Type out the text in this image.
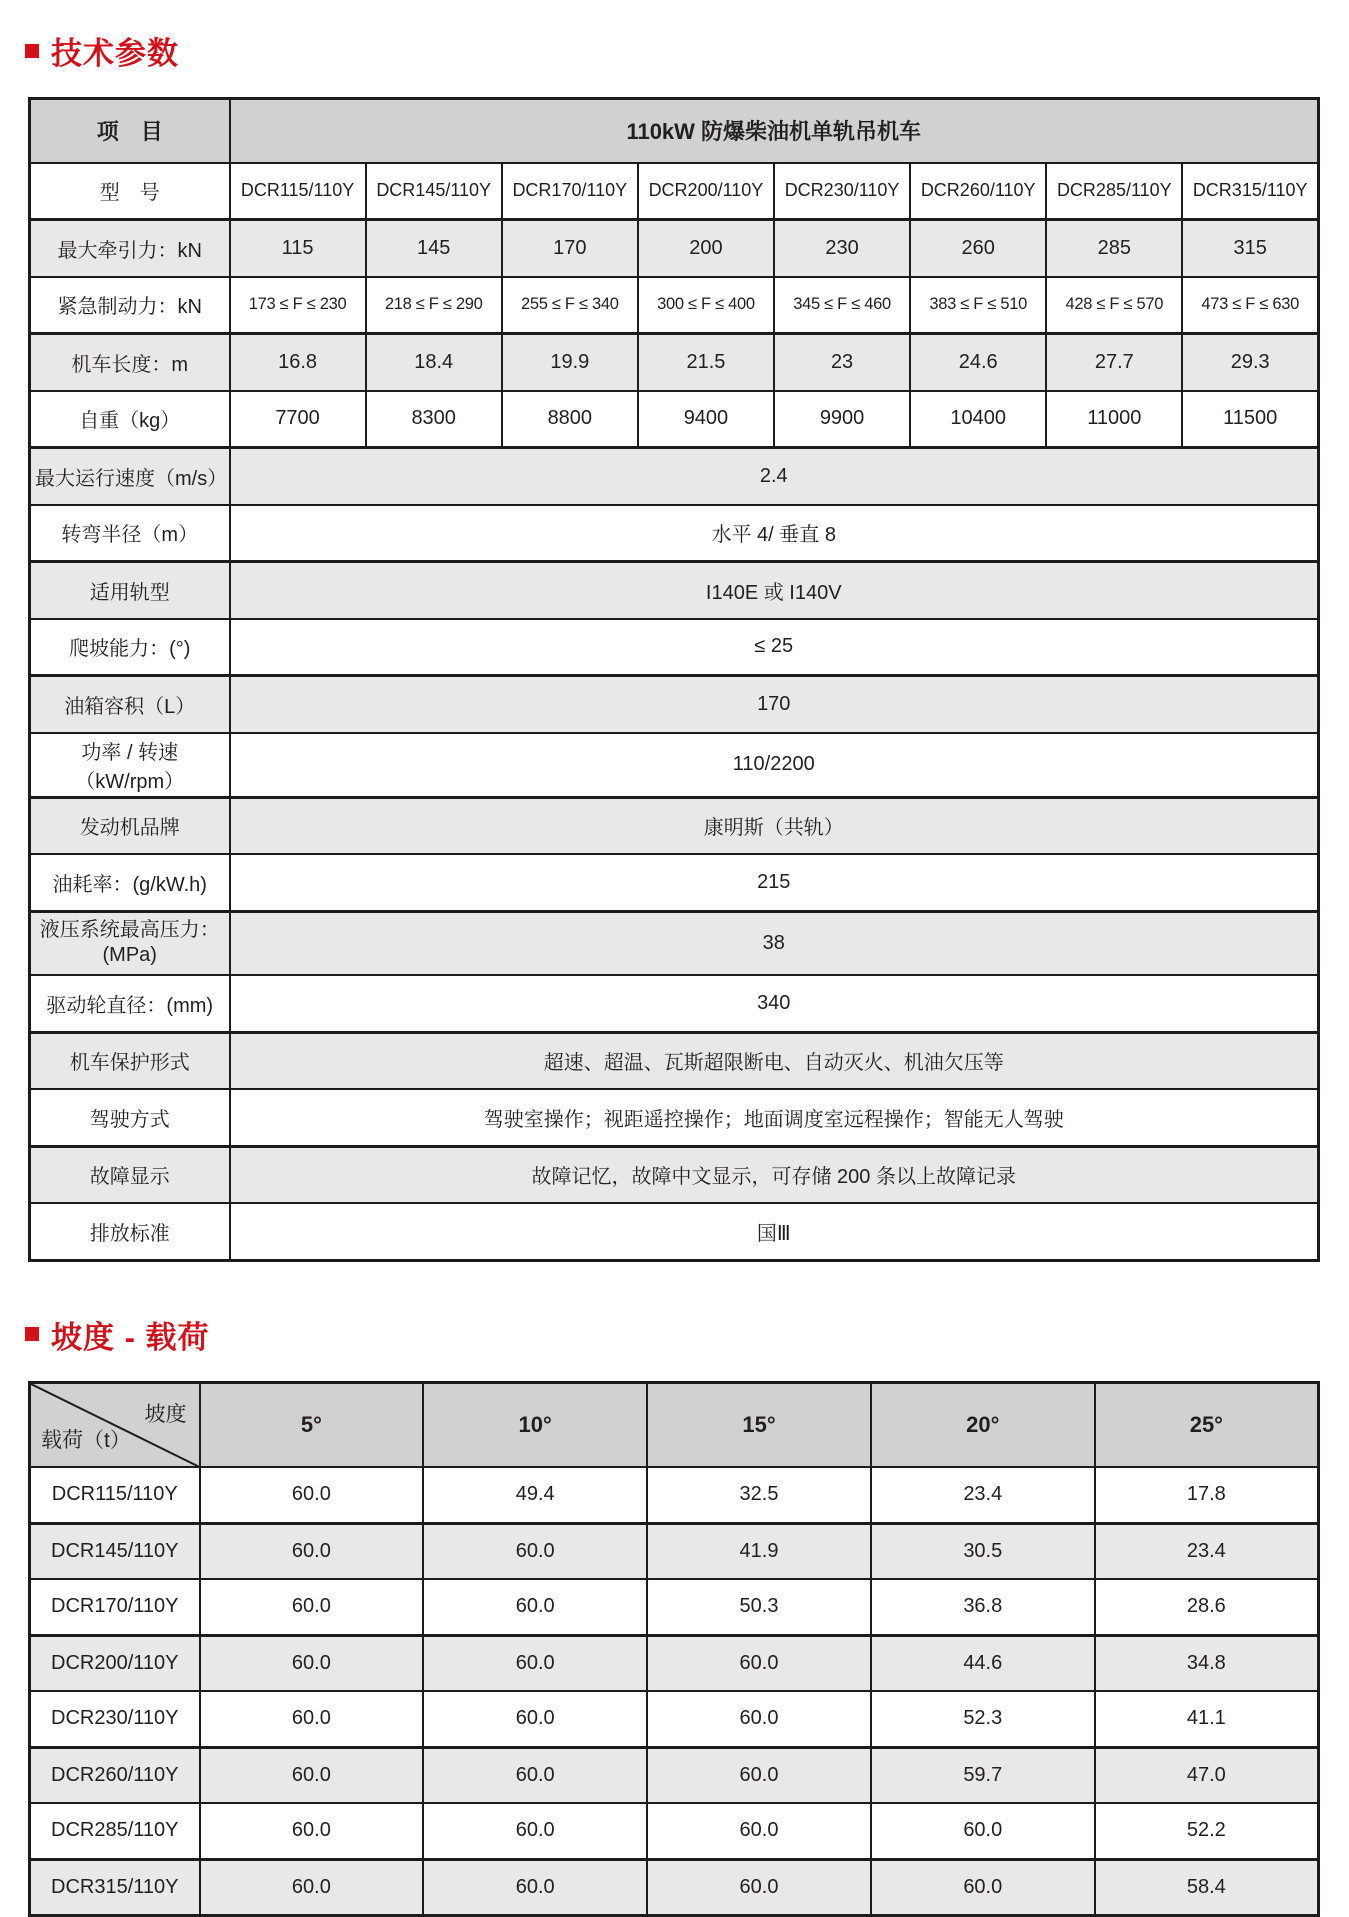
技术参数
项　目	110kW 防爆柴油机单轨吊机车							
型　号	DCR115/110Y	DCR145/110Y	DCR170/110Y	DCR200/110Y	DCR230/110Y	DCR260/110Y	DCR285/110Y	DCR315/110Y
最大牵引力：kN	115	145	170	200	230	260	285	315
紧急制动力：kN	173 ≤ F ≤ 230	218 ≤ F ≤ 290	255 ≤ F ≤ 340	300 ≤ F ≤ 400	345 ≤ F ≤ 460	383 ≤ F ≤ 510	428 ≤ F ≤ 570	473 ≤ F ≤ 630
机车长度：m	16.8	18.4	19.9	21.5	23	24.6	27.7	29.3
自重（kg）	7700	8300	8800	9400	9900	10400	11000	11500
最大运行速度（m/s）	2.4							
转弯半径（m）	水平 4/ 垂直 8							
适用轨型	I140E 或 I140V							
爬坡能力：(°)	≤ 25							
油箱容积（L）	170							
功率 / 转速（kW/rpm）	110/2200							
发动机品牌	康明斯（共轨）							
油耗率：(g/kW.h)	215							

液压系统最高压力：
(MPa)	38							
驱动轮直径：(mm)	340							
机车保护形式	超速、超温、瓦斯超限断电、自动灭火、机油欠压等							
驾驶方式	驾驶室操作；视距遥控操作；地面调度室远程操作；智能无人驾驶							
故障显示	故障记忆，故障中文显示，可存储 200 条以上故障记录							
排放标准	国Ⅲ							
坡度 - 载荷
坡度
载荷（t）	5°	10°	15°	20°	25°
DCR115/110Y	60.0	49.4	32.5	23.4	17.8
DCR145/110Y	60.0	60.0	41.9	30.5	23.4
DCR170/110Y	60.0	60.0	50.3	36.8	28.6
DCR200/110Y	60.0	60.0	60.0	44.6	34.8
DCR230/110Y	60.0	60.0	60.0	52.3	41.1
DCR260/110Y	60.0	60.0	60.0	59.7	47.0
DCR285/110Y	60.0	60.0	60.0	60.0	52.2
DCR315/110Y	60.0	60.0	60.0	60.0	58.4
